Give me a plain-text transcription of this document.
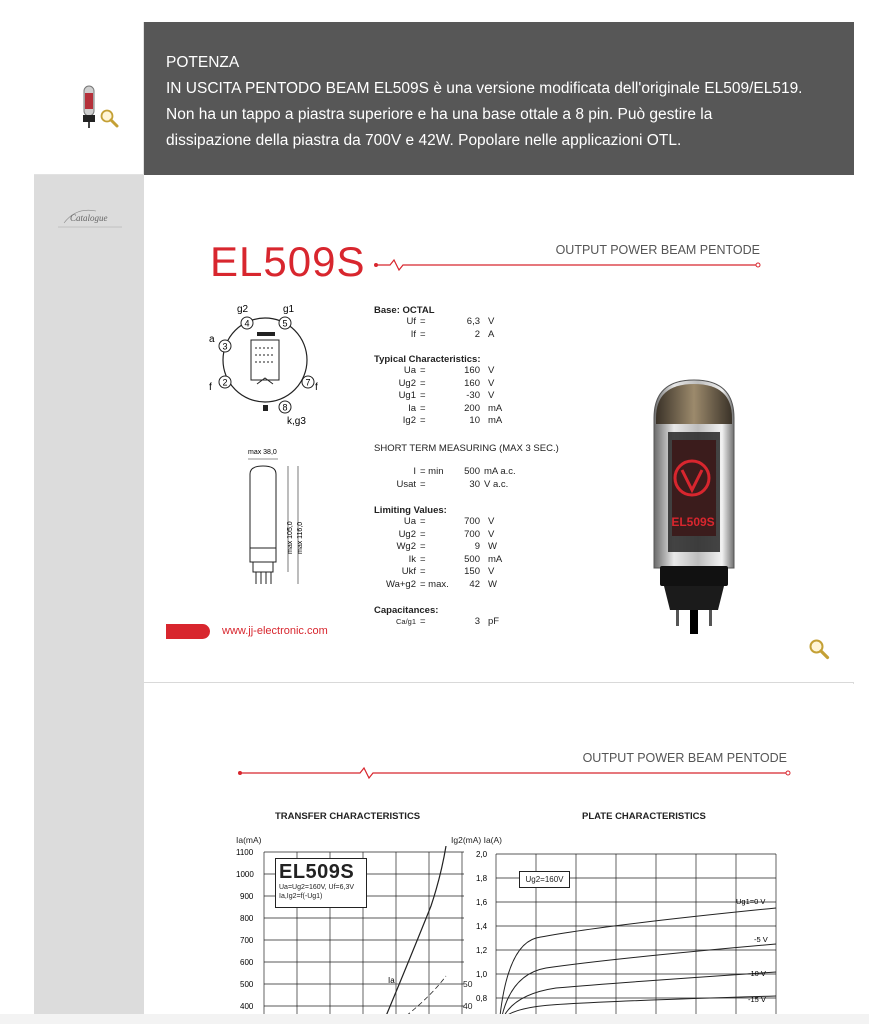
POTENZA

IN USCITA PENTODO BEAM EL509S è una versione modificata dell'originale EL509/EL519.

Non ha un tappo a piastra superiore e ha una base ottale a 8 pin. Può gestire la

dissipazione della piastra da 700V e 42W. Popolare nelle applicazioni OTL.

Catalogue
EL509S	OUTPUT POWER BEAM PENTODE
4	5
3
2	7
8
g2	g1
a
f	f
k,g3
max 38,0
max 105,0 max 116,0
Base: OCTAL
Uf =	6,3 V
If =	2 A
Typical Characteristics:
Ua =	160 V
Ug2 =	160 V
Ug1 =	-30 V
Ia =	200 mA
Ig2 =	10 mA
SHORT TERM MEASURING (MAX 3 SEC.)
I = min	500 mA a.c.
Usat =	30 V a.c.
Limiting Values:
Ua =	700 V
Ug2 =	700 V
Wg2 =	9 W
Ik =	500 mA
Ukf =	150 V
Wa+g2 = max.	42 W
Capacitances:
Ca/g1 =	3 pF
www.jj-electronic.com
EL509S
OUTPUT POWER BEAM PENTODE
TRANSFER CHARACTERISTICS	PLATE CHARACTERISTICS
Ia(mA)	Ig2(mA) Ia(A)
1100
1000
900
800
700
600
500
400
Ia	50
40
EL509S
Ua=Ug2=160V, Uf=6,3V
Ia,Ig2=f(-Ug1)
2,0
1,8
1,6
1,4
1,2
1,0
0,8
Ug1=0 V
-5 V
-10 V
-15 V
Ug2=160V
